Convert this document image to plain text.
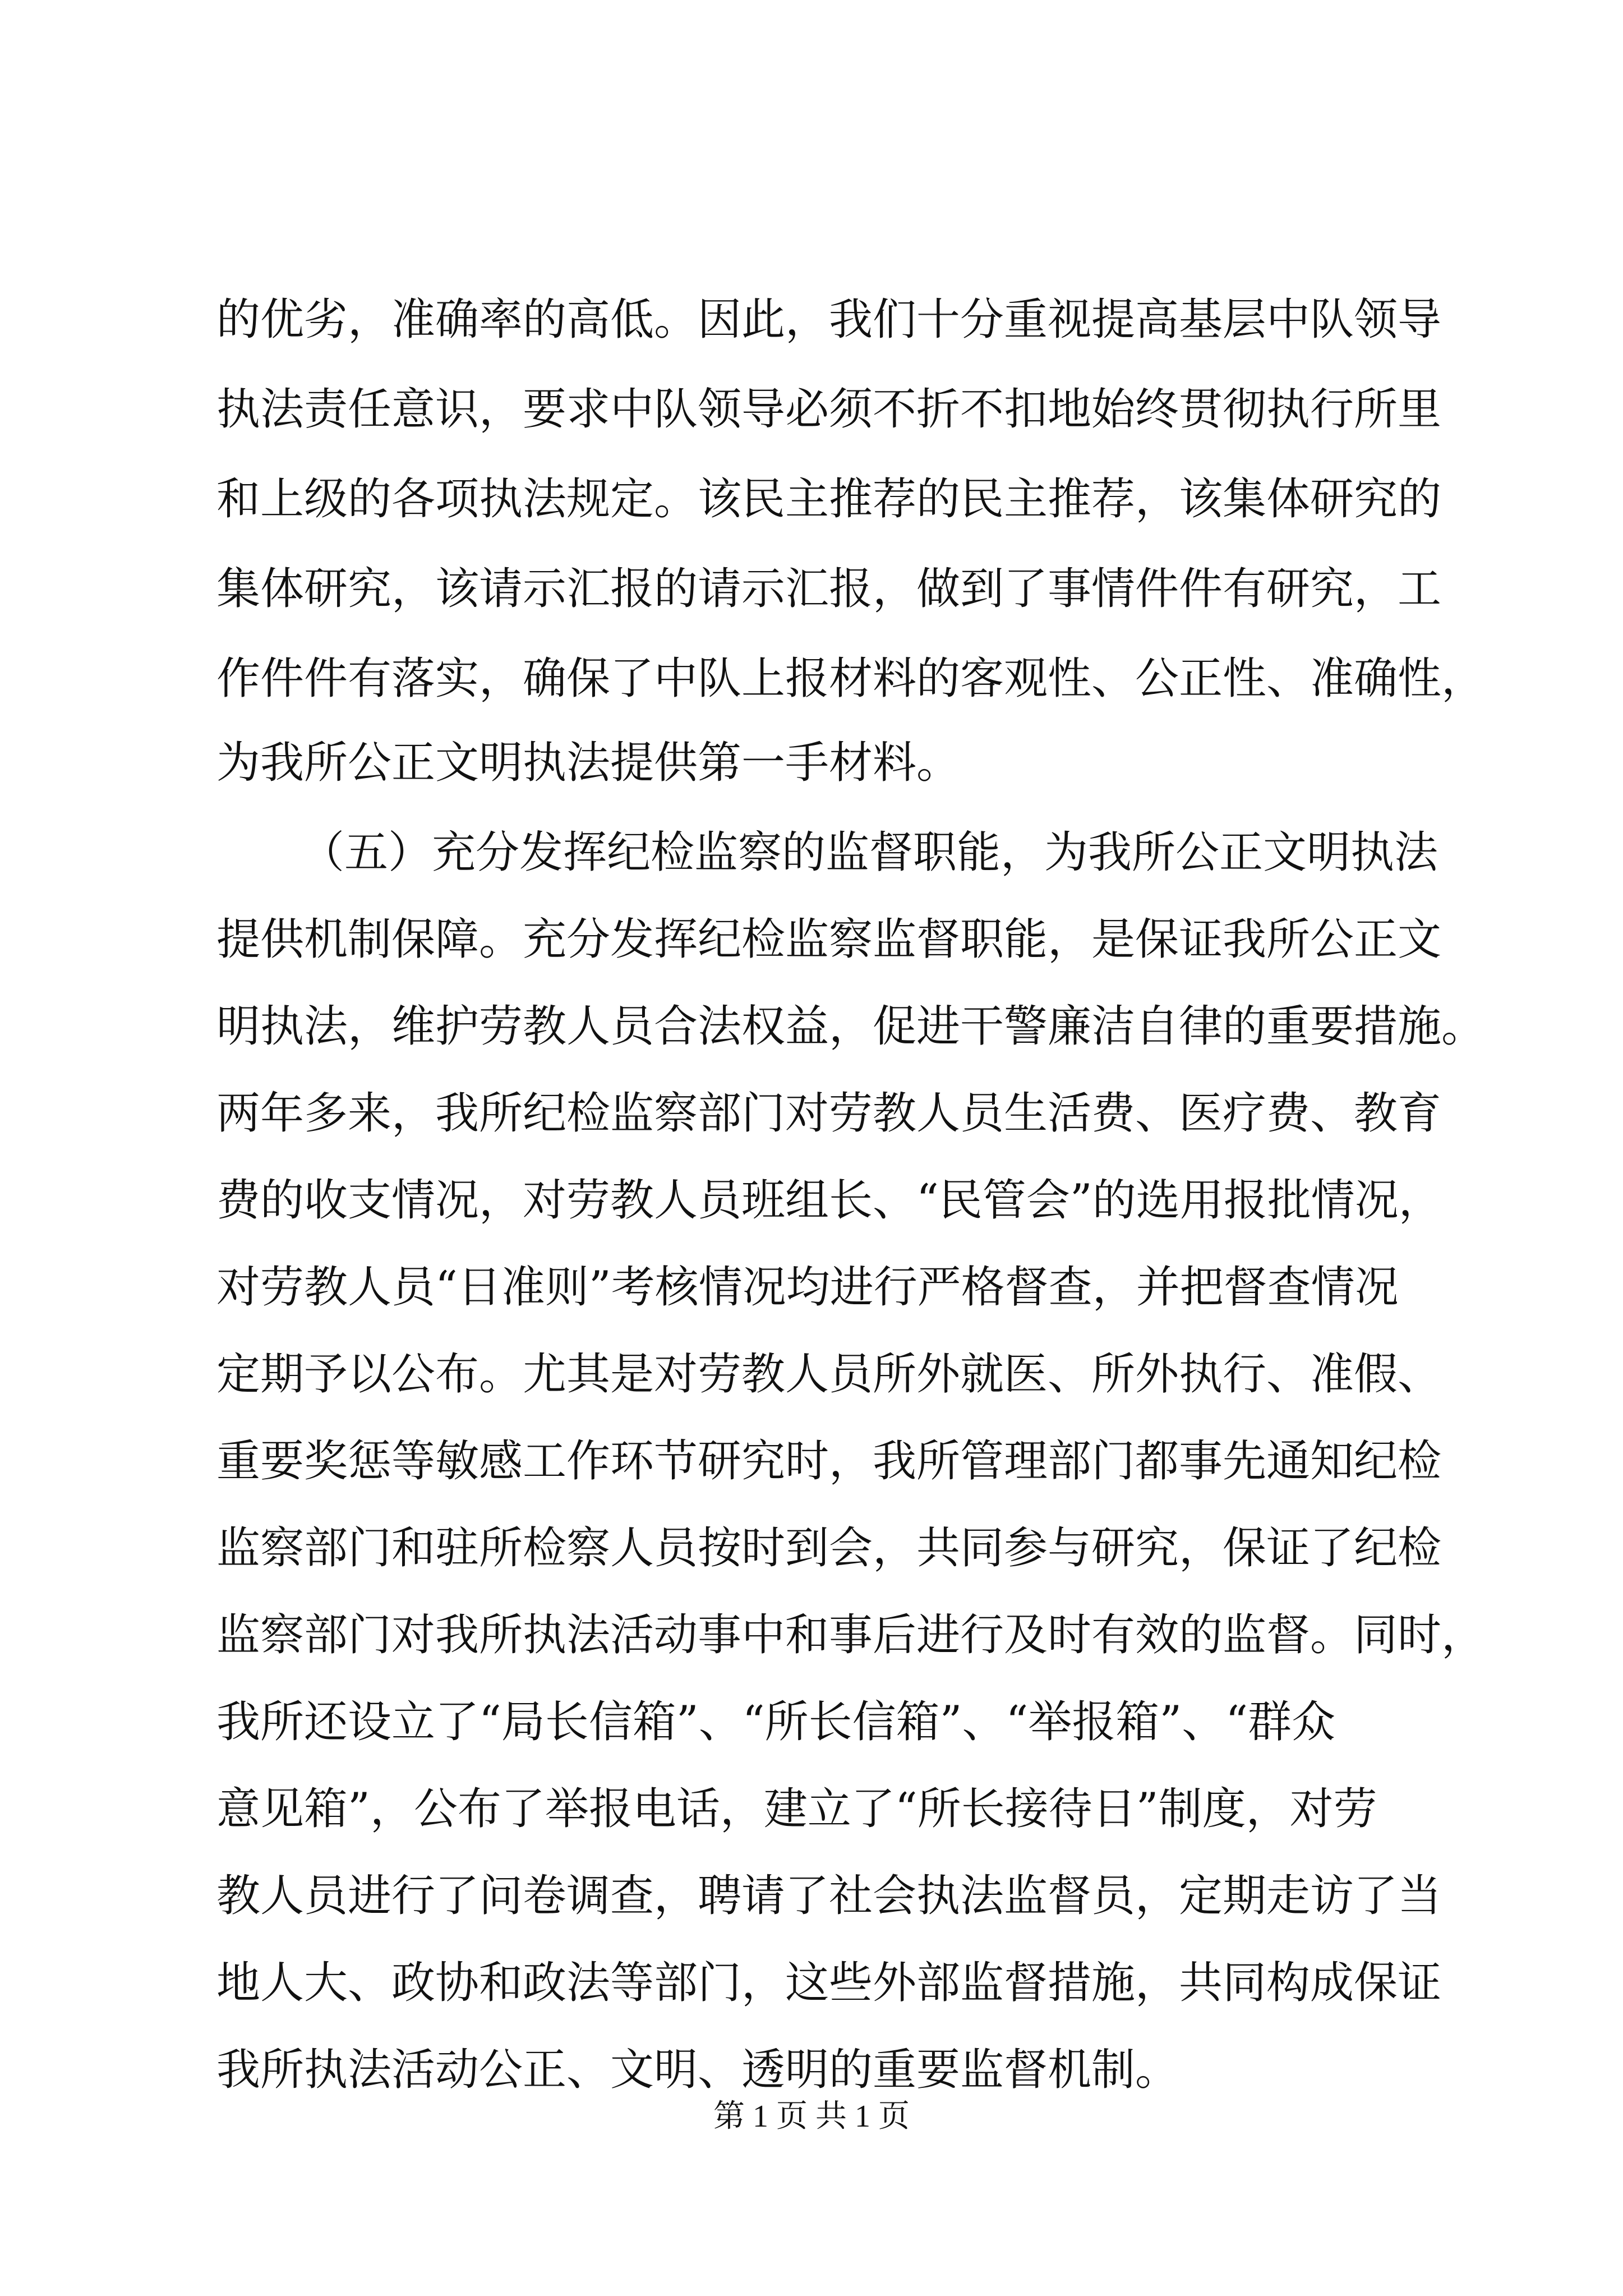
的优劣，准确率的高低。因此，我们十分重视提高基层中队领导
执法责任意识，要求中队领导必须不折不扣地始终贯彻执行所里
和上级的各项执法规定。该民主推荐的民主推荐，该集体研究的
集体研究，该请示汇报的请示汇报，做到了事情件件有研究，工
作件件有落实，确保了中队上报材料的客观性、公正性、准确性，
为我所公正文明执法提供第一手材料。
（五）充分发挥纪检监察的监督职能，为我所公正文明执法
提供机制保障。充分发挥纪检监察监督职能，是保证我所公正文
明执法，维护劳教人员合法权益，促进干警廉洁自律的重要措施。
两年多来，我所纪检监察部门对劳教人员生活费、医疗费、教育
费的收支情况，对劳教人员班组长、“民管会”的选用报批情况，
对劳教人员“日准则”考核情况均进行严格督查，并把督查情况
定期予以公布。尤其是对劳教人员所外就医、所外执行、准假、
重要奖惩等敏感工作环节研究时，我所管理部门都事先通知纪检
监察部门和驻所检察人员按时到会，共同参与研究，保证了纪检
监察部门对我所执法活动事中和事后进行及时有效的监督。同时，
我所还设立了“局长信箱”、“所长信箱”、“举报箱”、“群众
意见箱”，公布了举报电话，建立了“所长接待日”制度，对劳
教人员进行了问卷调查，聘请了社会执法监督员，定期走访了当
地人大、政协和政法等部门，这些外部监督措施，共同构成保证
我所执法活动公正、文明、透明的重要监督机制。
第 1 页 共 1 页
